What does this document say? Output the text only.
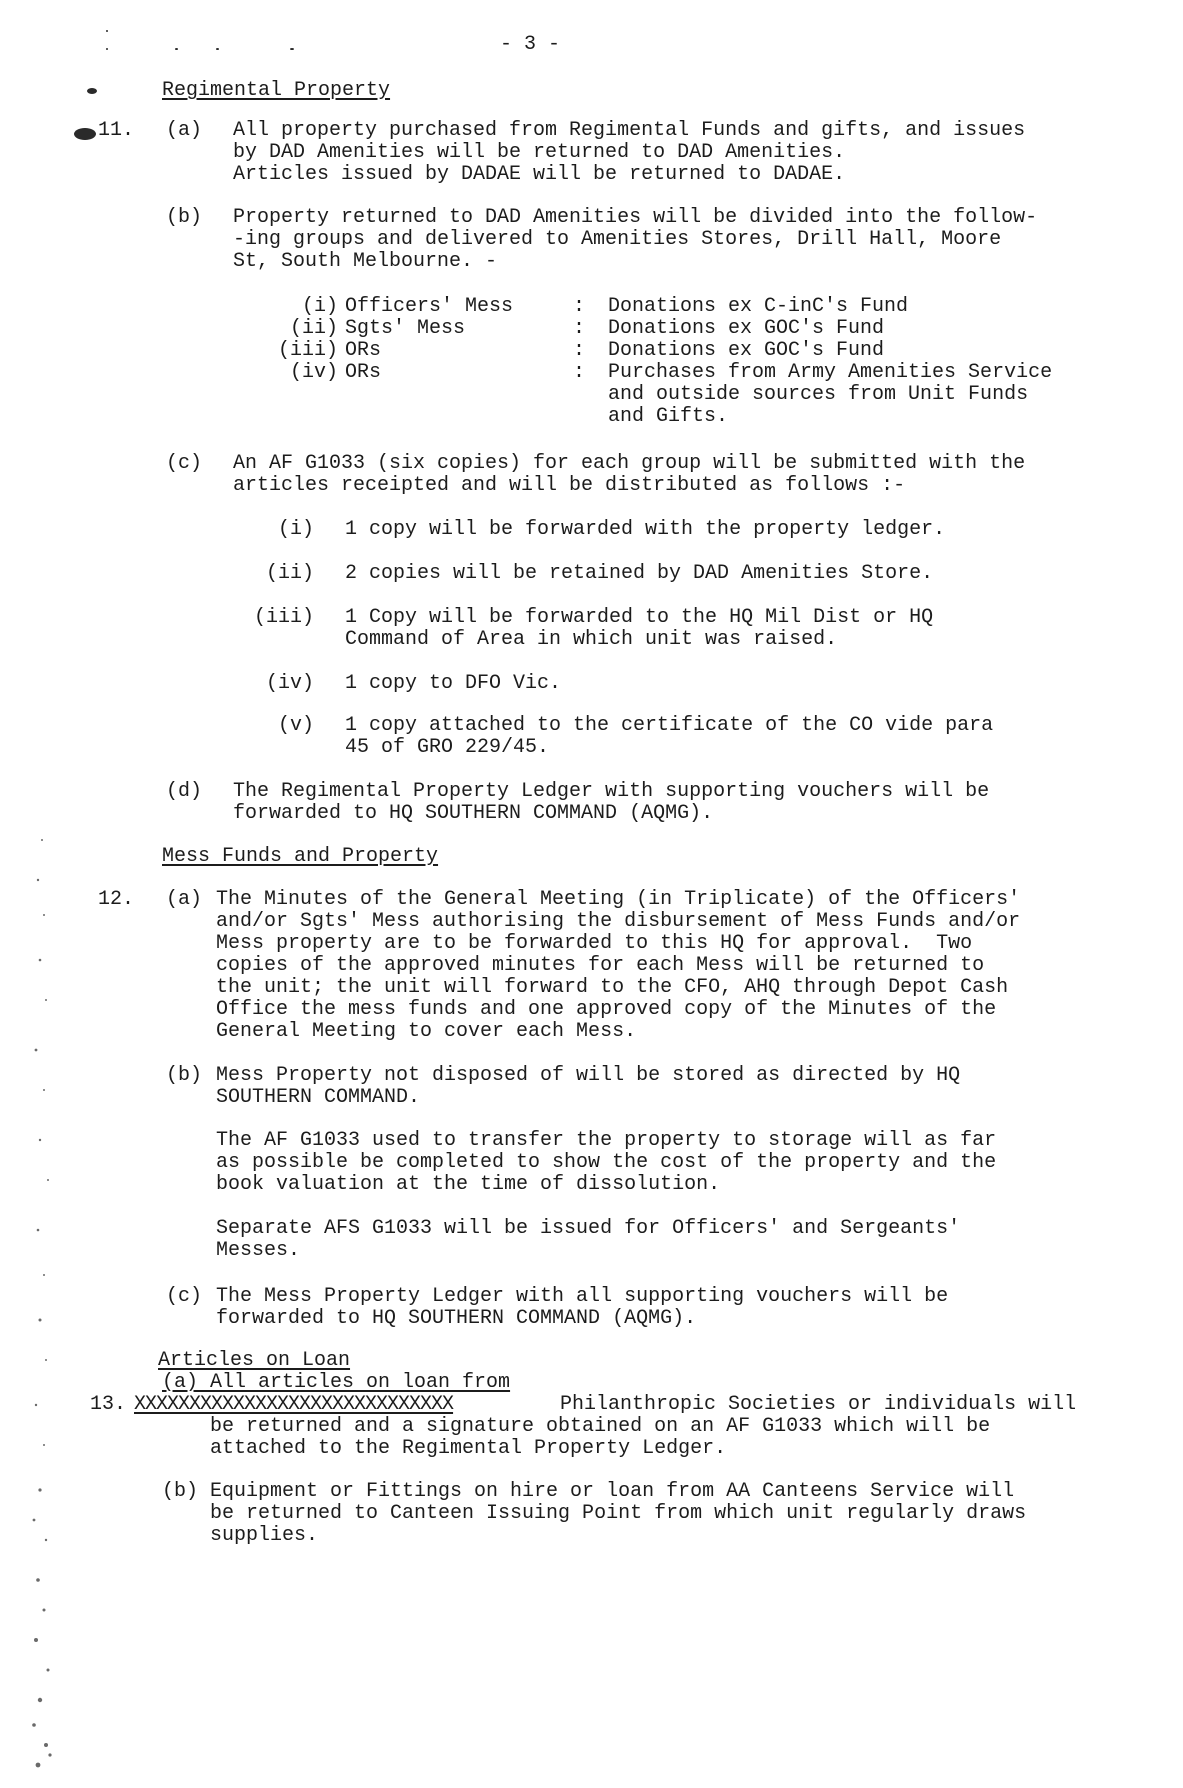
- 3 -
Regimental Property
11. (a) All property purchased from Regimental Funds and gifts, and issues
by DAD Amenities will be returned to DAD Amenities.
Articles issued by DADAE will be returned to DADAE.
(b) Property returned to DAD Amenities will be divided into the follow-
-ing groups and delivered to Amenities Stores, Drill Hall, Moore
St, South Melbourne. -
(i) Officers' Mess	: Donations ex C-inC's Fund
(ii) Sgts' Mess	: Donations ex GOC's Fund
(iii) ORs	: Donations ex GOC's Fund
(iv) ORs	: Purchases from Army Amenities Service
and outside sources from Unit Funds
and Gifts.
(c) An AF G1033 (six copies) for each group will be submitted with the
articles receipted and will be distributed as follows :-
(i) 1 copy will be forwarded with the property ledger.
(ii) 2 copies will be retained by DAD Amenities Store.
(iii) 1 Copy will be forwarded to the HQ Mil Dist or HQ
Command of Area in which unit was raised.
(iv) 1 copy to DFO Vic.
(v) 1 copy attached to the certificate of the CO vide para
45 of GRO 229/45.
(d) The Regimental Property Ledger with supporting vouchers will be
forwarded to HQ SOUTHERN COMMAND (AQMG).
Mess Funds and Property
12. (a) The Minutes of the General Meeting (in Triplicate) of the Officers'
and/or Sgts' Mess authorising the disbursement of Mess Funds and/or
Mess property are to be forwarded to this HQ for approval.  Two
copies of the approved minutes for each Mess will be returned to
the unit; the unit will forward to the CFO, AHQ through Depot Cash
Office the mess funds and one approved copy of the Minutes of the
General Meeting to cover each Mess.
(b) Mess Property not disposed of will be stored as directed by HQ
SOUTHERN COMMAND.
The AF G1033 used to transfer the property to storage will as far
as possible be completed to show the cost of the property and the
book valuation at the time of dissolution.
Separate AFS G1033 will be issued for Officers' and Sergeants'
Messes.
(c) The Mess Property Ledger with all supporting vouchers will be
forwarded to HQ SOUTHERN COMMAND (AQMG).
Articles on Loan
(a) All articles on loan from
13. XXXXXXXXXXXXXXXXXXXXXXXXXXXXX	Philanthropic Societies or individuals will
be returned and a signature obtained on an AF G1033 which will be
attached to the Regimental Property Ledger.
(b) Equipment or Fittings on hire or loan from AA Canteens Service will
be returned to Canteen Issuing Point from which unit regularly draws
supplies.
